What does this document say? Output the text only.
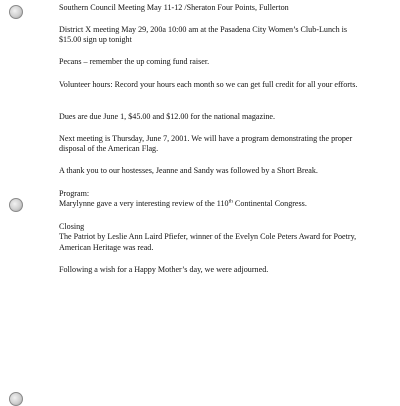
Southern Council Meeting May 11-12 /Sheraton Four Points, Fullerton

District X meeting May 29, 200a 10:00 am at the Pasadena City Women’s Club-Lunch is $15.00 sign up tonight

Pecans – remember the up coming fund raiser.

Volunteer hours: Record your hours each month so we can get full credit for all your efforts.

Dues are due June 1, $45.00 and $12.00 for the national magazine.

Next meeting is Thursday, June 7, 2001. We will have a program demonstrating the proper disposal of the American Flag.

A thank you to our hostesses, Jeanne and Sandy was followed by a Short Break.

Program:
Marylynne gave a very interesting review of the 110th Continental Congress.
Closing
The Patriot by Leslie Ann Laird Pfiefer, winner of the Evelyn Cole Peters Award for Poetry, American Heritage was read.

Following a wish for a Happy Mother’s day, we were adjourned.
